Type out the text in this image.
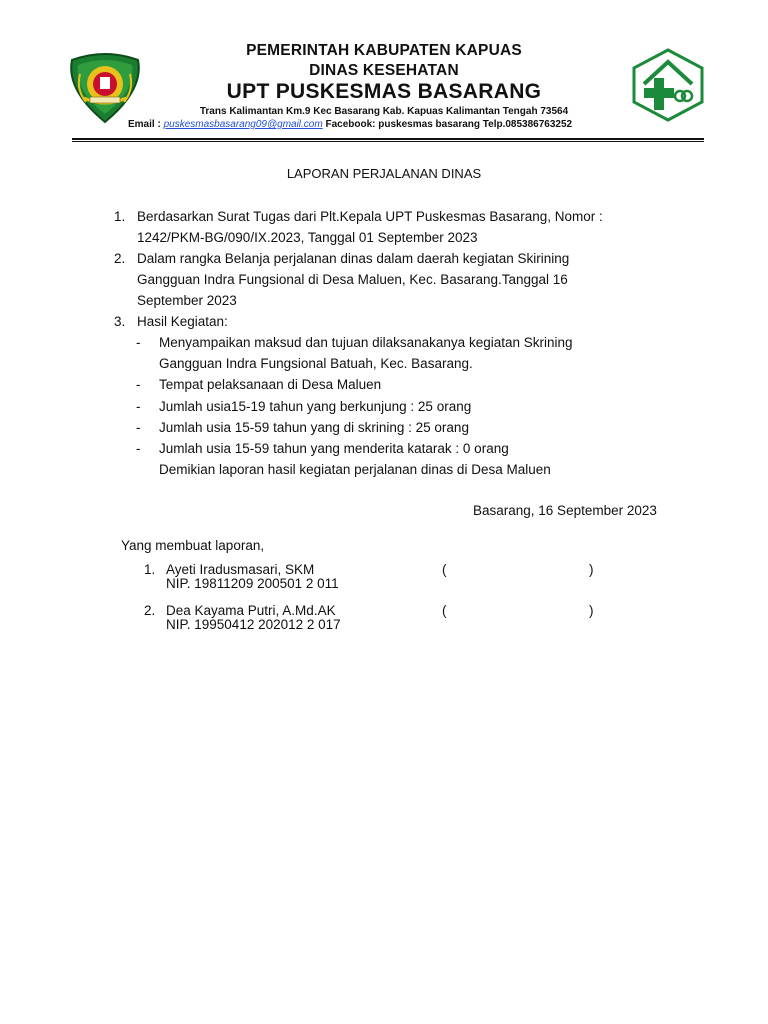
PEMERINTAH KABUPATEN KAPUAS
DINAS KESEHATAN
UPT PUSKESMAS BASARANG
Trans Kalimantan Km.9 Kec Basarang Kab. Kapuas Kalimantan Tengah 73564
Email : puskesmasbasarang09@gmail.com Facebook: puskesmas basarang Telp.085386763252
LAPORAN PERJALANAN DINAS
1. Berdasarkan Surat Tugas dari Plt.Kepala UPT Puskesmas Basarang, Nomor :
1242/PKM-BG/090/IX.2023, Tanggal 01 September 2023
2. Dalam rangka Belanja perjalanan dinas dalam daerah kegiatan Skirining
Gangguan Indra Fungsional di Desa Maluen, Kec. Basarang.Tanggal 16
September 2023
3. Hasil Kegiatan:
- Menyampaikan maksud dan tujuan dilaksanakanya kegiatan Skrining
Gangguan Indra Fungsional Batuah, Kec. Basarang.
- Tempat pelaksanaan di Desa Maluen
- Jumlah usia15-19 tahun yang berkunjung : 25 orang
- Jumlah usia 15-59 tahun yang di skrining : 25 orang
- Jumlah usia 15-59 tahun yang menderita katarak : 0 orang
Demikian laporan hasil kegiatan perjalanan dinas di Desa Maluen
Basarang, 16 September 2023
Yang membuat laporan,
1. Ayeti Iradusmasari, SKM
NIP. 19811209 200501 2 011
(	)
2. Dea Kayama Putri, A.Md.AK
NIP. 19950412 202012 2 017
(	)
